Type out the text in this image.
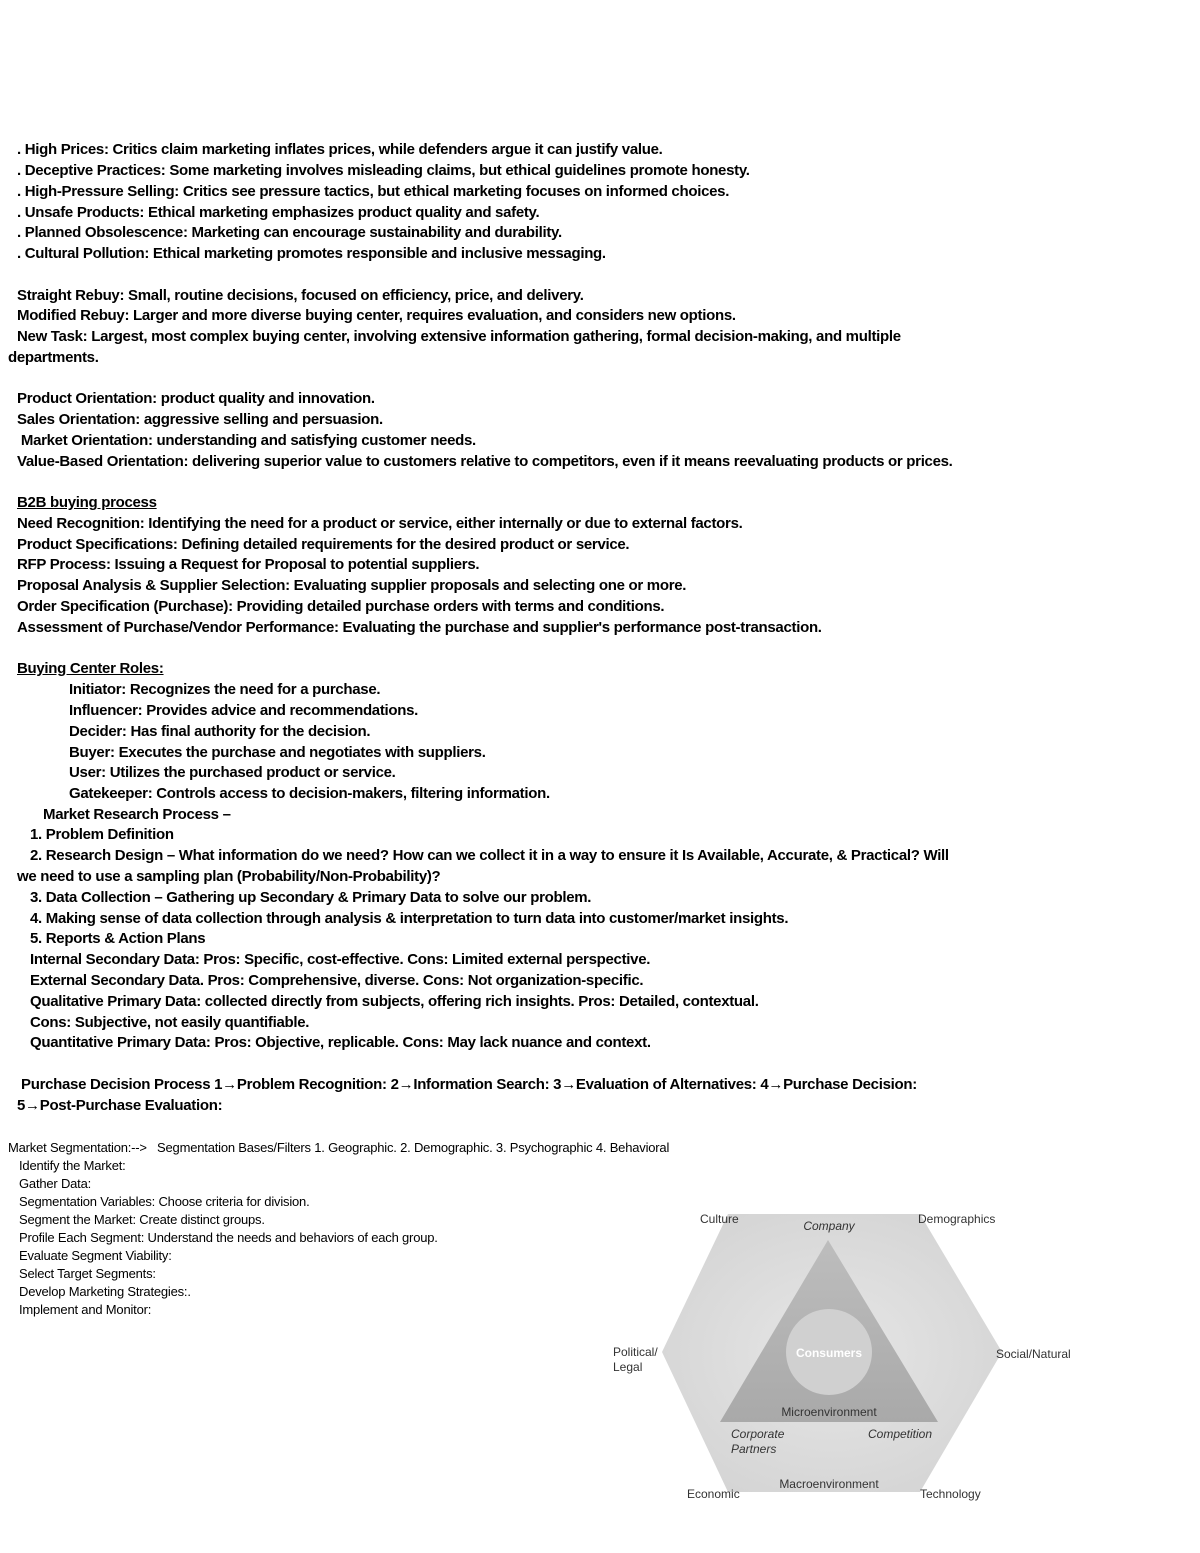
. High Prices: Critics claim marketing inflates prices, while defenders argue it can justify value.

. Deceptive Practices: Some marketing involves misleading claims, but ethical guidelines promote honesty.

. High-Pressure Selling: Critics see pressure tactics, but ethical marketing focuses on informed choices.

. Unsafe Products: Ethical marketing emphasizes product quality and safety.

. Planned Obsolescence: Marketing can encourage sustainability and durability.

. Cultural Pollution: Ethical marketing promotes responsible and inclusive messaging.

Straight Rebuy: Small, routine decisions, focused on efficiency, price, and delivery.

Modified Rebuy: Larger and more diverse buying center, requires evaluation, and considers new options.

New Task: Largest, most complex buying center, involving extensive information gathering, formal decision-making, and multiple

departments.

Product Orientation: product quality and innovation.

Sales Orientation: aggressive selling and persuasion.

Market Orientation: understanding and satisfying customer needs.

Value-Based Orientation: delivering superior value to customers relative to competitors, even if it means reevaluating products or prices.

B2B buying process

Need Recognition: Identifying the need for a product or service, either internally or due to external factors.

Product Specifications: Defining detailed requirements for the desired product or service.

RFP Process: Issuing a Request for Proposal to potential suppliers.

Proposal Analysis & Supplier Selection: Evaluating supplier proposals and selecting one or more.

Order Specification (Purchase): Providing detailed purchase orders with terms and conditions.

Assessment of Purchase/Vendor Performance: Evaluating the purchase and supplier's performance post-transaction.

Buying Center Roles:

Initiator: Recognizes the need for a purchase.

Influencer: Provides advice and recommendations.

Decider: Has final authority for the decision.

Buyer: Executes the purchase and negotiates with suppliers.

User: Utilizes the purchased product or service.

Gatekeeper: Controls access to decision-makers, filtering information.

Market Research Process –

1. Problem Definition

2. Research Design – What information do we need? How can we collect it in a way to ensure it Is Available, Accurate, & Practical? Will

we need to use a sampling plan (Probability/Non-Probability)?

3. Data Collection – Gathering up Secondary & Primary Data to solve our problem.

4. Making sense of data collection through analysis & interpretation to turn data into customer/market insights.

5. Reports & Action Plans

Internal Secondary Data: Pros: Specific, cost-effective. Cons: Limited external perspective.

External Secondary Data. Pros: Comprehensive, diverse. Cons: Not organization-specific.

Qualitative Primary Data: collected directly from subjects, offering rich insights. Pros: Detailed, contextual.

Cons: Subjective, not easily quantifiable.

Quantitative Primary Data: Pros: Objective, replicable. Cons: May lack nuance and context.

Purchase Decision Process 1→Problem Recognition: 2→Information Search: 3→Evaluation of Alternatives: 4→Purchase Decision:

5→Post-Purchase Evaluation:

Market Segmentation:-->   Segmentation Bases/Filters 1. Geographic. 2. Demographic. 3. Psychographic 4. Behavioral
Identify the Market:
Gather Data:
Segmentation Variables: Choose criteria for division.
Segment the Market: Create distinct groups.
Profile Each Segment: Understand the needs and behaviors of each group.
Evaluate Segment Viability:
Select Target Segments:
Develop Marketing Strategies:.
Implement and Monitor:
Consumers
Company
Microenvironment
Corporate Partners
Competition
Macroenvironment
Culture	Demographics
Political/
Legal
Social/Natural
Economic	Technology
